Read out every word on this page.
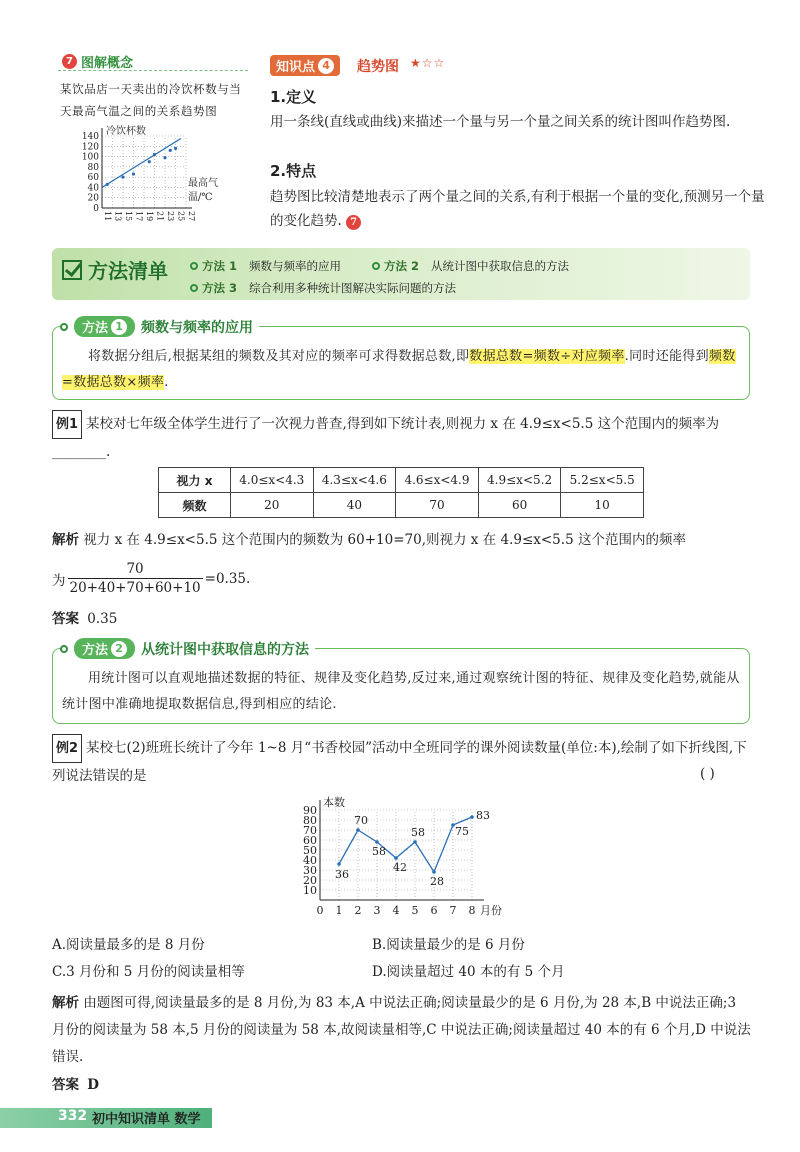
7 图解概念
某饮品店一天卖出的冷饮杯数与当天最高气温之间的关系趋势图
0
20
40
60
80
100
120
140
11 13 15 17 19 21 23 25 27
冷饮杯数
最高气
温/℃
知识点 4 趋势图 ★☆☆
1.定义
用一条线(直线或曲线)来描述一个量与另一个量之间关系的统计图叫作趋势图.
2.特点
趋势图比较清楚地表示了两个量之间的关系,有利于根据一个量的变化,预测另一个量的变化趋势. 7
方法清单	方法 1 频数与频率的应用	方法 2 从统计图中获取信息的方法
方法 3 综合利用多种统计图解决实际问题的方法
方法 1 频数与频率的应用
将数据分组后,根据某组的频数及其对应的频率可求得数据总数,即数据总数=频数÷对应频率.同时还能得到频数=数据总数×频率.
例1 某校对七年级全体学生进行了一次视力普查,得到如下统计表,则视力 x 在 4.9≤x<5.5 这个范围内的频率为________.
视力 x	4.0≤x<4.3	4.3≤x<4.6	4.6≤x<4.9	4.9≤x<5.2	5.2≤x<5.5
频数	20	40	70	60	10
解析 视力 x 在 4.9≤x<5.5 这个范围内的频数为 60+10=70,则视力 x 在 4.9≤x<5.5 这个范围内的频率
为 $\frac{70}{20+40+70+60+10} =0.35$.
答案 0.35
方法 2 从统计图中获取信息的方法
用统计图可以直观地描述数据的特征、规律及变化趋势,反过来,通过观察统计图的特征、规律及变化趋势,就能从统计图中准确地提取数据信息,得到相应的结论.
例2 某校七(2)班班长统计了今年 1~8 月“书香校园”活动中全班同学的课外阅读数量(单位:本),绘制了如下折线图,下列说法错误的是	( )
10
20
30
40
50
60
70
80
90
0 1 2 3 4 5 6 7 8
本数
月份
36
70
58
42
58
28
75
83
A.阅读量最多的是 8 月份	B.阅读量最少的是 6 月份
C.3 月份和 5 月份的阅读量相等	D.阅读量超过 40 本的有 5 个月
解析 由题图可得,阅读量最多的是 8 月份,为 83 本,A 中说法正确;阅读量最少的是 6 月份,为 28 本,B 中说法正确;3 月份的阅读量为 58 本,5 月份的阅读量为 58 本,故阅读量相等,C 中说法正确;阅读量超过 40 本的有 6 个月,D 中说法错误.
答案 D
332 初中知识清单 数学
